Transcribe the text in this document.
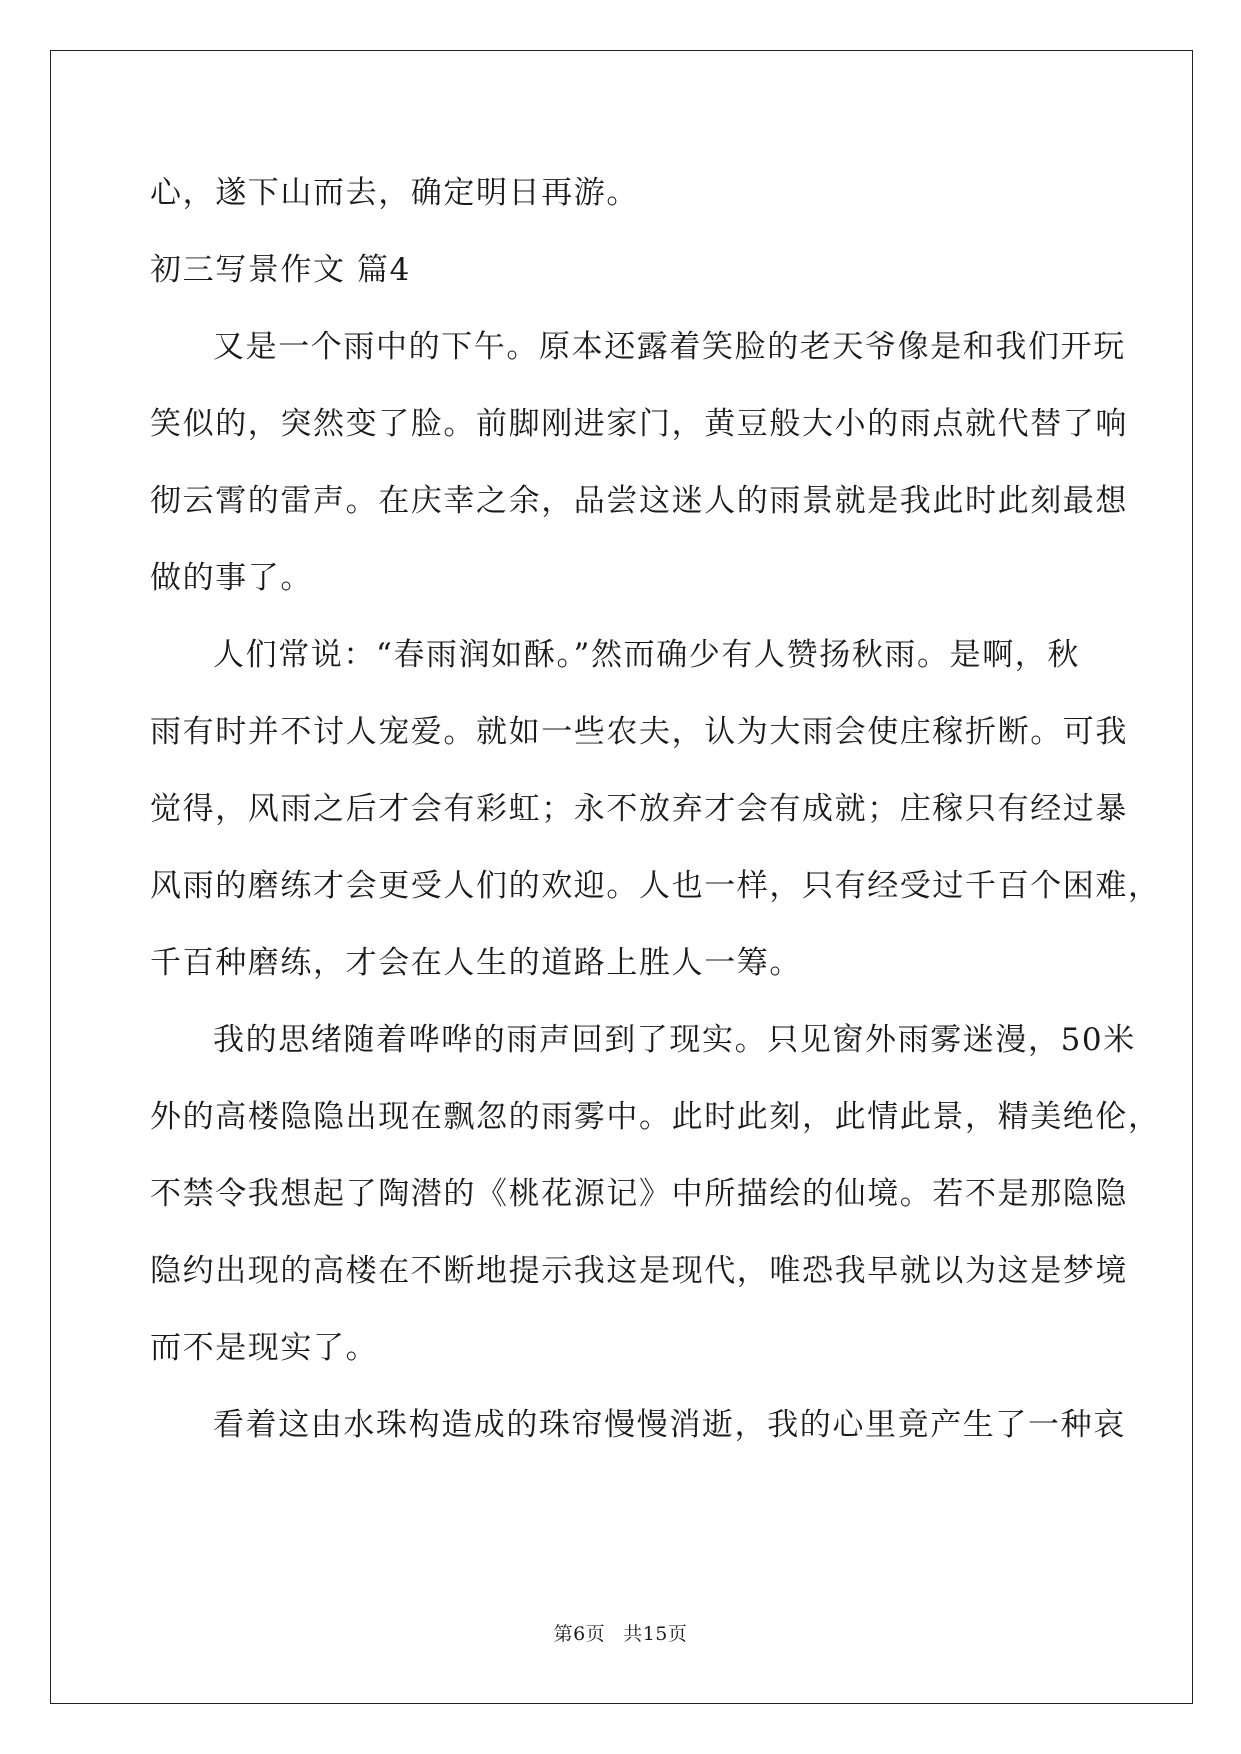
心，遂下山而去，确定明日再游。
初三写景作文 篇4
又是一个雨中的下午。原本还露着笑脸的老天爷像是和我们开玩
笑似的，突然变了脸。前脚刚进家门，黄豆般大小的雨点就代替了响
彻云霄的雷声。在庆幸之余，品尝这迷人的雨景就是我此时此刻最想
做的事了。
人们常说：“春雨润如酥。”然而确少有人赞扬秋雨。是啊，秋
雨有时并不讨人宠爱。就如一些农夫，认为大雨会使庄稼折断。可我
觉得，风雨之后才会有彩虹；永不放弃才会有成就；庄稼只有经过暴
风雨的磨练才会更受人们的欢迎。人也一样，只有经受过千百个困难，
千百种磨练，才会在人生的道路上胜人一筹。
我的思绪随着哗哗的雨声回到了现实。只见窗外雨雾迷漫，50米
外的高楼隐隐出现在飘忽的雨雾中。此时此刻，此情此景，精美绝伦，
不禁令我想起了陶潜的《桃花源记》中所描绘的仙境。若不是那隐隐
隐约出现的高楼在不断地提示我这是现代，唯恐我早就以为这是梦境
而不是现实了。
看着这由水珠构造成的珠帘慢慢消逝，我的心里竟产生了一种哀
第6页 共15页
